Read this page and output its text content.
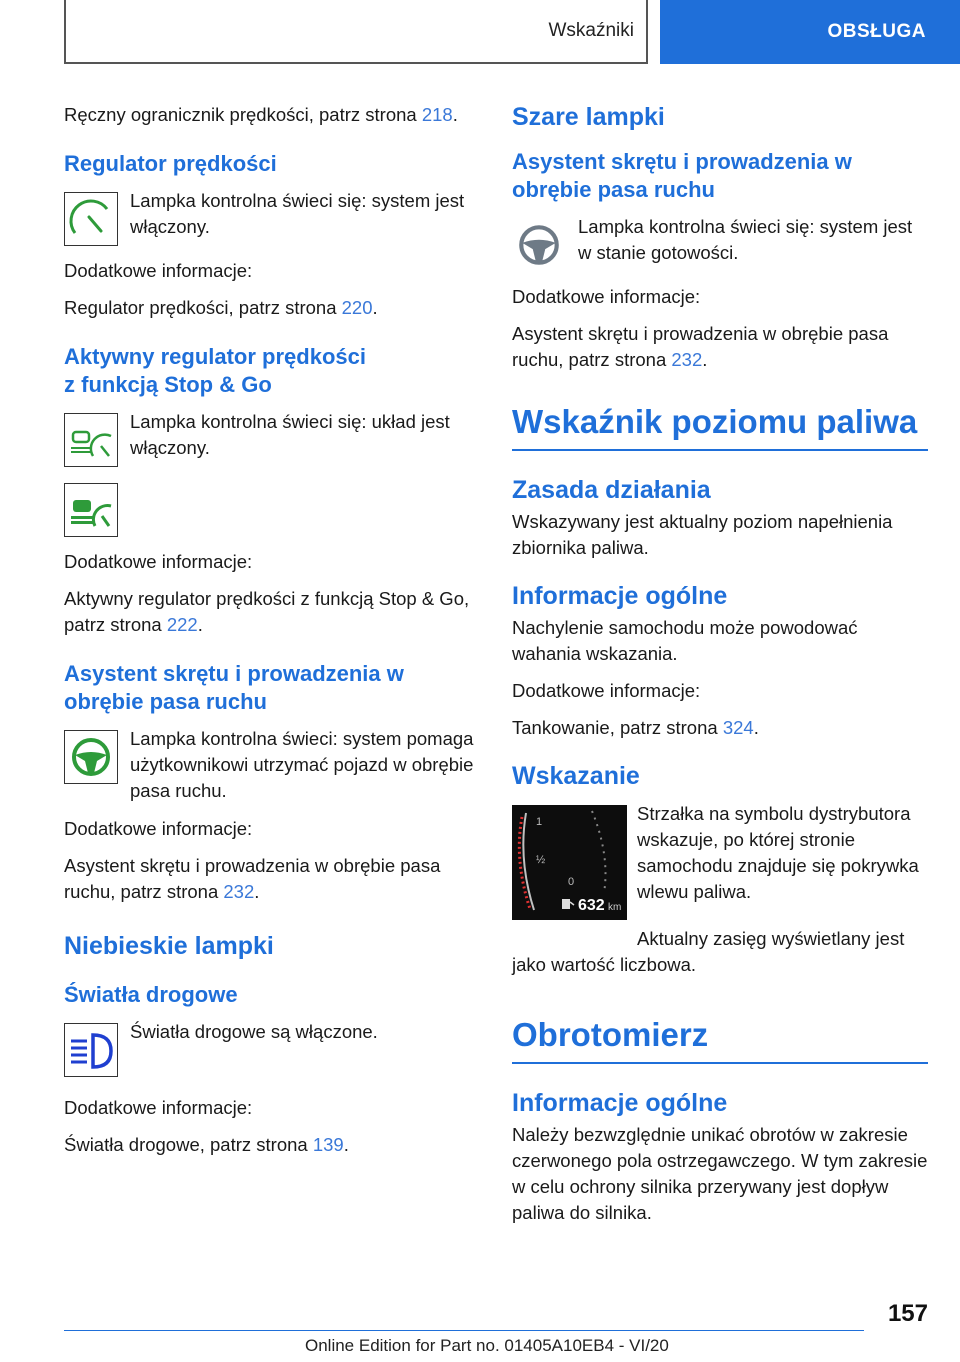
Wskaźniki	OBSŁUGA

Ręczny ogranicznik prędkości, patrz strona 218.

Regulator prędkości

Lampka kontrolna świeci się: system jest włączony.

Dodatkowe informacje:

Regulator prędkości, patrz strona 220.

Aktywny regulator prędkości
z funkcją Stop & Go

Lampka kontrolna świeci się: układ jest włączony.

Dodatkowe informacje:

Aktywny regulator prędkości z funkcją Stop & Go, patrz strona 222.

Asystent skrętu i prowadzenia w obrębie pasa ruchu

Lampka kontrolna świeci: system pomaga użytkownikowi utrzymać pojazd w obrębie pasa ruchu.

Dodatkowe informacje:

Asystent skrętu i prowadzenia w obrębie pasa ruchu, patrz strona 232.

Niebieskie lampki
Światła drogowe

Światła drogowe są włączone.

Dodatkowe informacje:

Światła drogowe, patrz strona 139.

Szare lampki
Asystent skrętu i prowadzenia w obrębie pasa ruchu

Lampka kontrolna świeci się: system jest w stanie gotowości.

Dodatkowe informacje:

Asystent skrętu i prowadzenia w obrębie pasa ruchu, patrz strona 232.

Wskaźnik poziomu paliwa
Zasada działania

Wskazywany jest aktualny poziom napełnienia zbiornika paliwa.

Informacje ogólne

Nachylenie samochodu może powodować wahania wskazania.

Dodatkowe informacje:

Tankowanie, patrz strona 324.

Wskazanie
1
½
0
632 km

Strzałka na symbolu dystrybutora wskazuje, po której stronie samochodu znajduje się pokrywka wlewu paliwa.

Aktualny zasięg wyświetlany jest

jako wartość liczbowa.

Obrotomierz
Informacje ogólne

Należy bezwzględnie unikać obrotów w zakresie czerwonego pola ostrzegawczego. W tym zakresie w celu ochrony silnika przerywany jest dopływ paliwa do silnika.

157
Online Edition for Part no. 01405A10EB4 - VI/20
